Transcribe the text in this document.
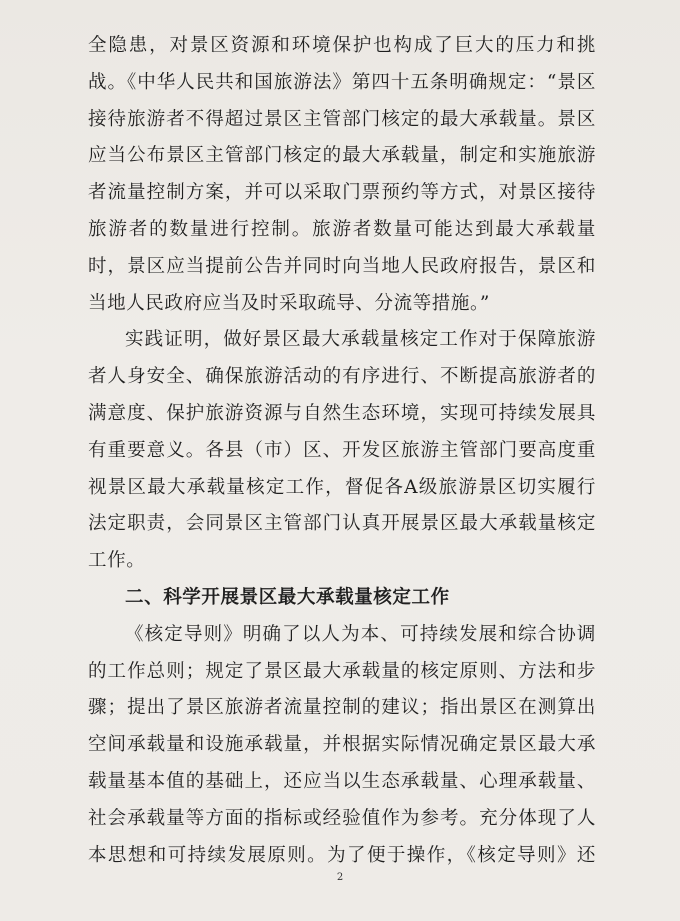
全隐患，对景区资源和环境保护也构成了巨大的压力和挑
战。《中华人民共和国旅游法》第四十五条明确规定：“景区
接待旅游者不得超过景区主管部门核定的最大承载量。景区
应当公布景区主管部门核定的最大承载量，制定和实施旅游
者流量控制方案，并可以采取门票预约等方式，对景区接待
旅游者的数量进行控制。旅游者数量可能达到最大承载量
时，景区应当提前公告并同时向当地人民政府报告，景区和
当地人民政府应当及时采取疏导、分流等措施。”
实践证明，做好景区最大承载量核定工作对于保障旅游
者人身安全、确保旅游活动的有序进行、不断提高旅游者的
满意度、保护旅游资源与自然生态环境，实现可持续发展具
有重要意义。各县（市）区、开发区旅游主管部门要高度重
视景区最大承载量核定工作，督促各A级旅游景区切实履行
法定职责，会同景区主管部门认真开展景区最大承载量核定
工作。
二、科学开展景区最大承载量核定工作
《核定导则》明确了以人为本、可持续发展和综合协调
的工作总则；规定了景区最大承载量的核定原则、方法和步
骤；提出了景区旅游者流量控制的建议；指出景区在测算出
空间承载量和设施承载量，并根据实际情况确定景区最大承
载量基本值的基础上，还应当以生态承载量、心理承载量、
社会承载量等方面的指标或经验值作为参考。充分体现了人
本思想和可持续发展原则。为了便于操作，《核定导则》还
2
